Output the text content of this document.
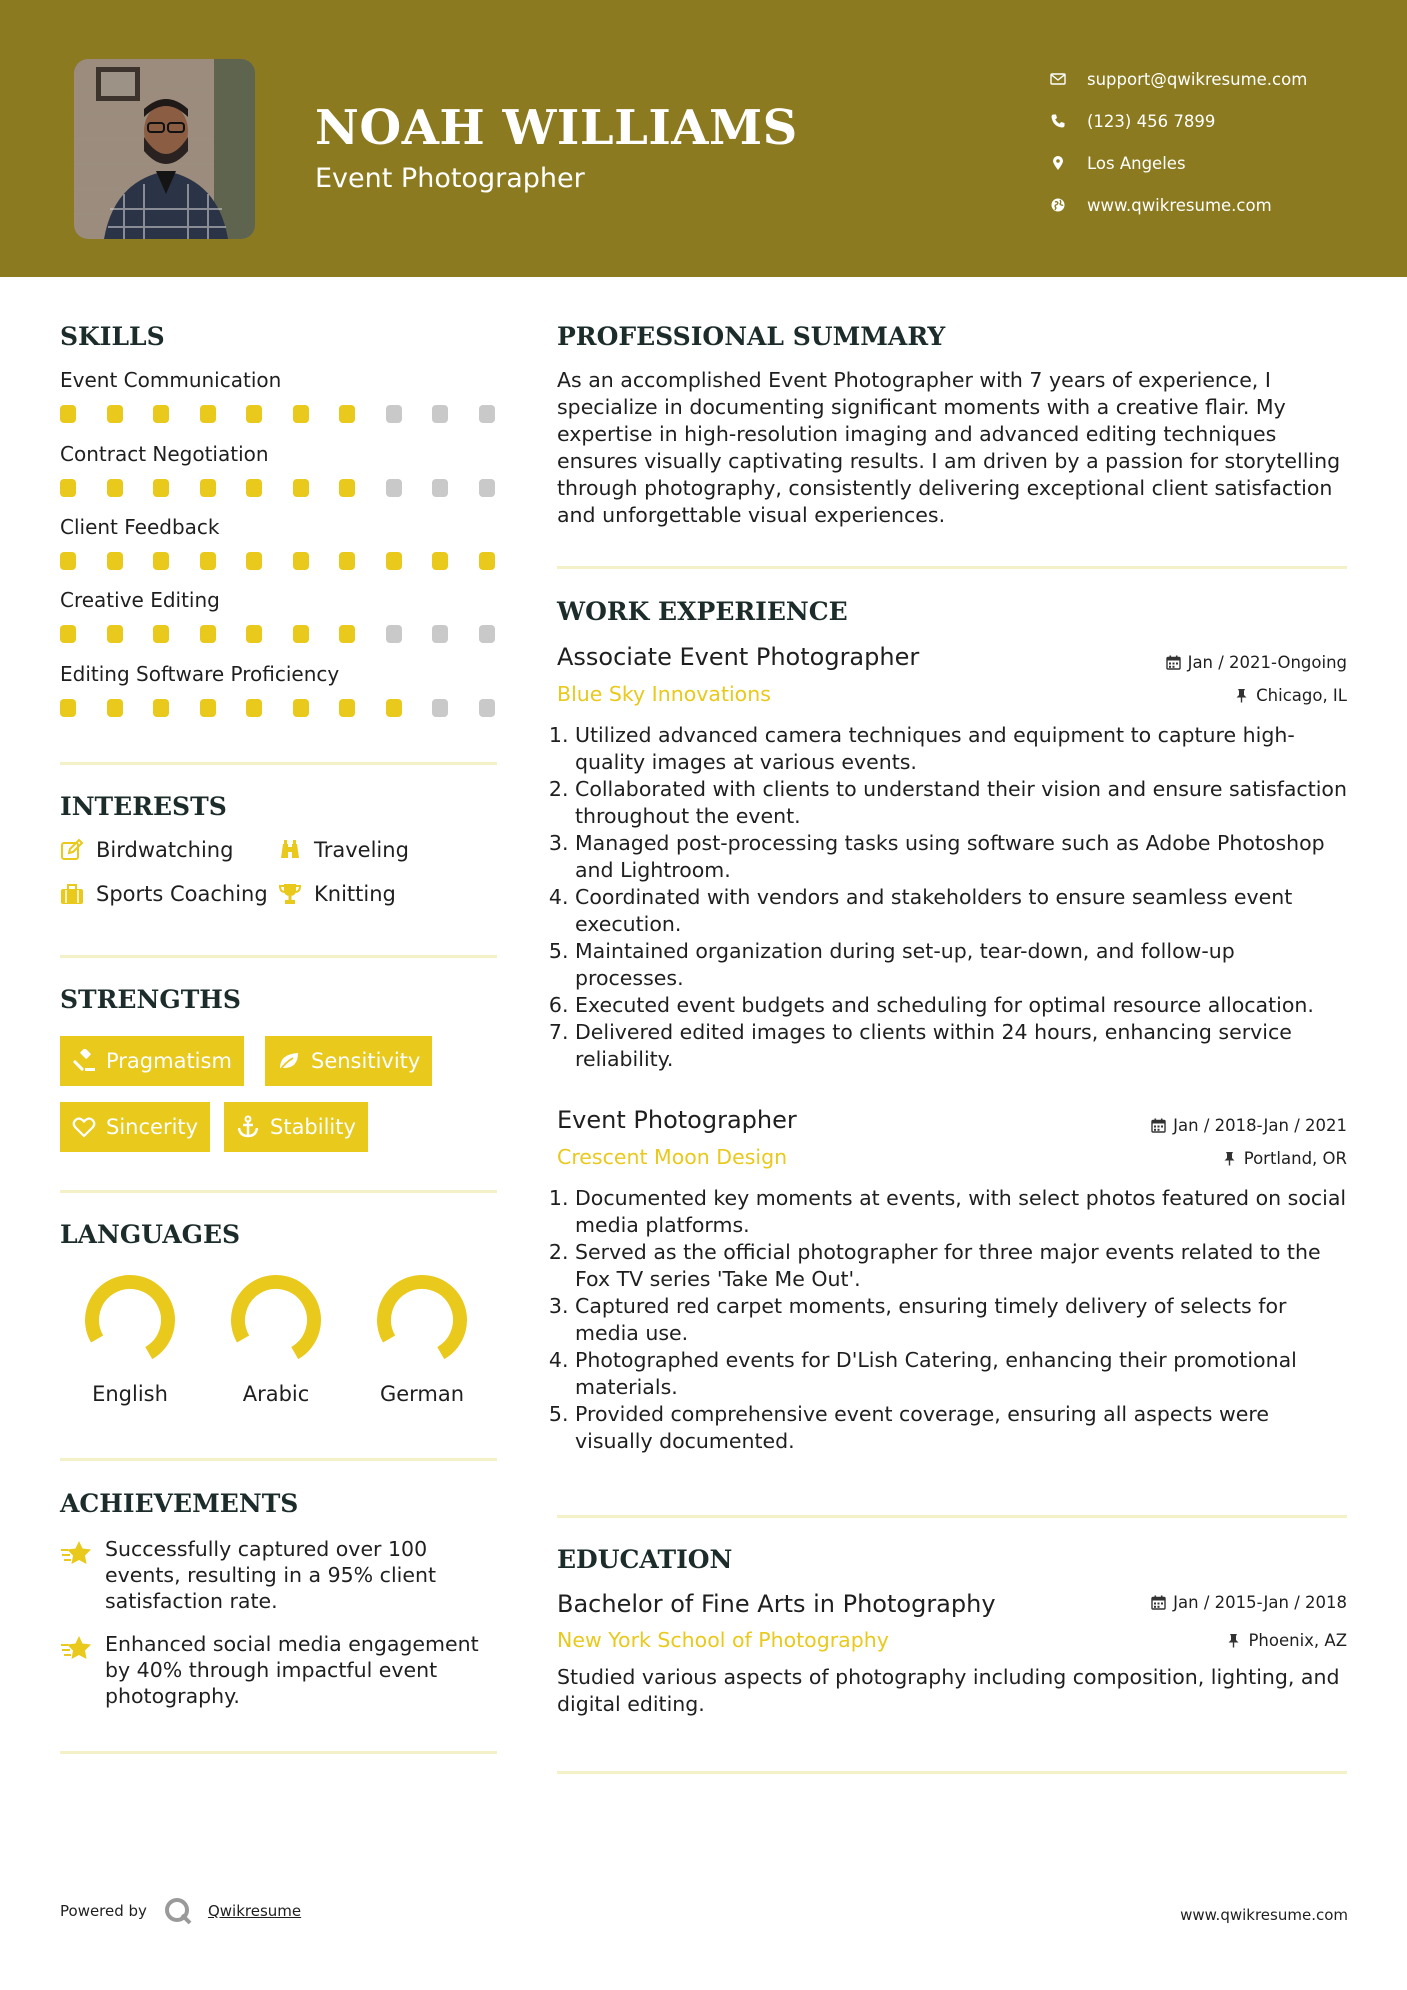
NOAH WILLIAMS
Event Photographer
support@qwikresume.com
(123) 456 7899
Los Angeles
www.qwikresume.com
SKILLS
Event Communication
Contract Negotiation
Client Feedback
Creative Editing
Editing Software Proficiency
INTERESTS
Birdwatching	Traveling
Sports Coaching Knitting
STRENGTHS
Pragmatism	Sensitivity
Sincerity	Stability
LANGUAGES
English	Arabic	German
ACHIEVEMENTS
Successfully captured over 100 events, resulting in a 95% client satisfaction rate.
Enhanced social media engagement by 40% through impactful event photography.
PROFESSIONAL SUMMARY

As an accomplished Event Photographer with 7 years of experience, I specialize in documenting significant moments with a creative flair. My expertise in high-resolution imaging and advanced editing techniques ensures visually captivating results. I am driven by a passion for storytelling through photography, consistently delivering exceptional client satisfaction and unforgettable visual experiences.

WORK EXPERIENCE
Associate Event Photographer	Jan / 2021-Ongoing
Blue Sky Innovations	Chicago, IL
1. Utilized advanced camera techniques and equipment to capture high-quality images at various events.
2. Collaborated with clients to understand their vision and ensure satisfaction throughout the event.
3. Managed post-processing tasks using software such as Adobe Photoshop and Lightroom.
4. Coordinated with vendors and stakeholders to ensure seamless event execution.
5. Maintained organization during set-up, tear-down, and follow-up processes.
6. Executed event budgets and scheduling for optimal resource allocation.
7. Delivered edited images to clients within 24 hours, enhancing service reliability.
Event Photographer	Jan / 2018-Jan / 2021
Crescent Moon Design	Portland, OR
1. Documented key moments at events, with select photos featured on social media platforms.
2. Served as the official photographer for three major events related to the Fox TV series 'Take Me Out'.
3. Captured red carpet moments, ensuring timely delivery of selects for media use.
4. Photographed events for D'Lish Catering, enhancing their promotional materials.
5. Provided comprehensive event coverage, ensuring all aspects were visually documented.
EDUCATION
Bachelor of Fine Arts in Photography	Jan / 2015-Jan / 2018
New York School of Photography	Phoenix, AZ

Studied various aspects of photography including composition, lighting, and digital editing.

Powered by	Qwikresume	www.qwikresume.com
